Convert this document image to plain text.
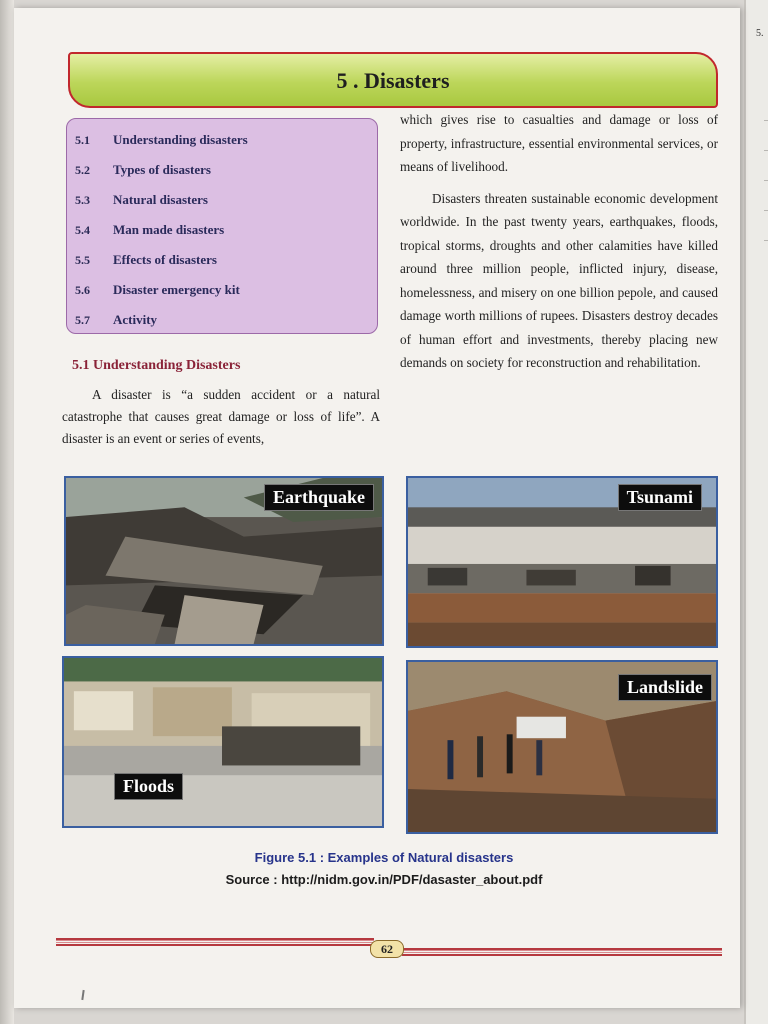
5.
5 . Disasters
5.1	Understanding disasters
5.2	Types of disasters
5.3	Natural disasters
5.4	Man made disasters
5.5	Effects of disasters
5.6	Disaster emergency kit
5.7	Activity
5.1 Understanding Disasters

A disaster is “a sudden accident or a natural catastrophe that causes great damage or loss of life”. A disaster is an event or series of events,

which gives rise to casualties and damage or loss of property, infrastructure, essential environmental services, or means of livelihood.

Disasters threaten sustainable economic development worldwide. In the past twenty years, earthquakes, floods, tropical storms, droughts and other calamities have killed around three million people, inflicted injury, disease, homelessness, and misery on one billion pepole, and caused damage worth millions of rupees. Disasters destroy decades of human effort and investments, thereby placing new demands on society for reconstruction and rehabilitation.

Earthquake	Tsunami
Floods
Landslide
Figure 5.1 : Examples of Natural disasters
Source : http://nidm.gov.in/PDF/dasaster_about.pdf
62
